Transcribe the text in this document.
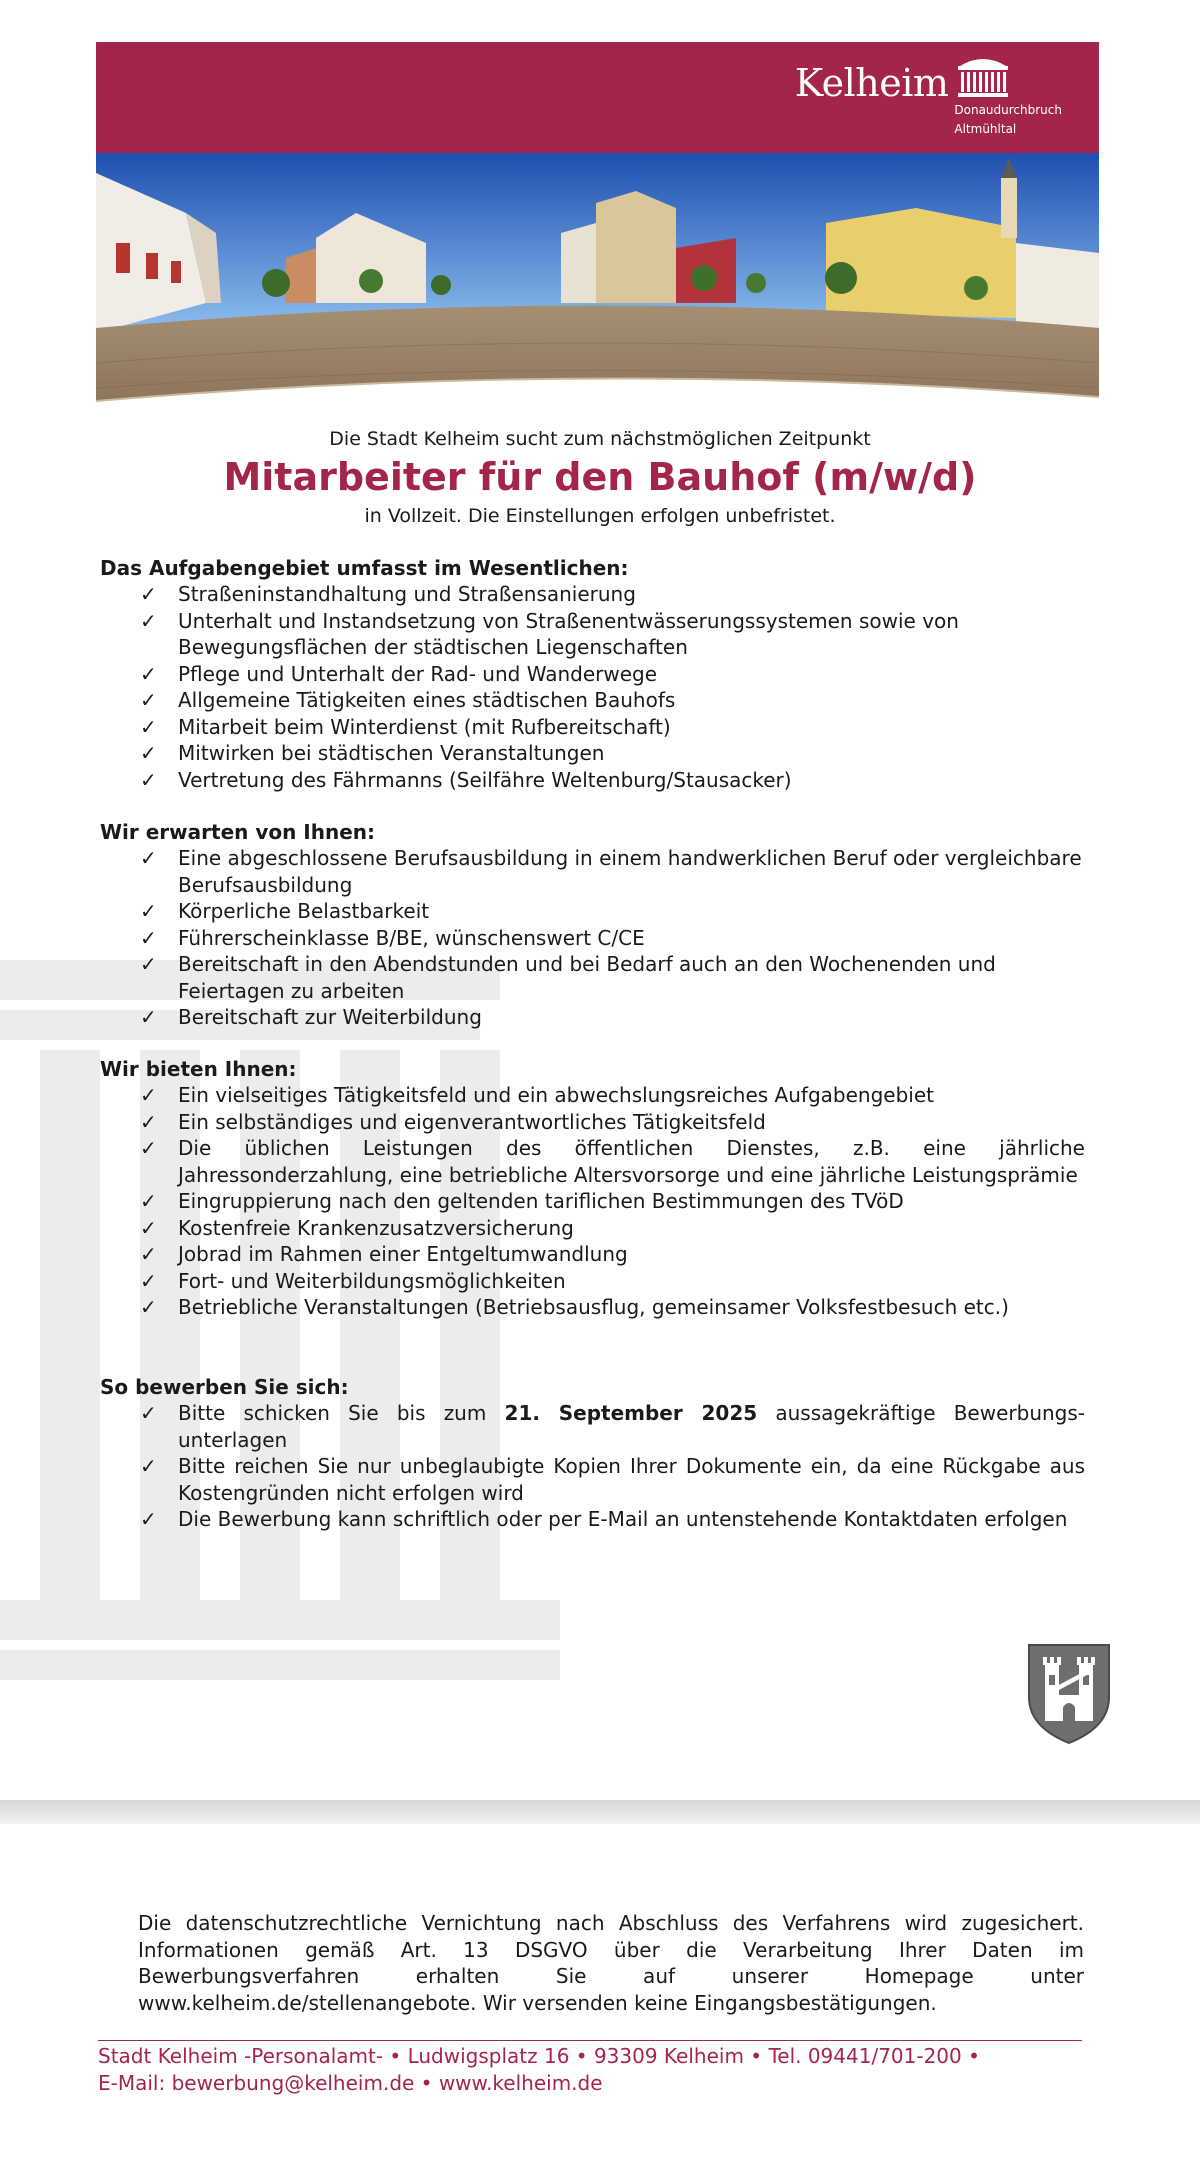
Kelheim
Donaudurchbruch
Altmühltal
Die Stadt Kelheim sucht zum nächstmöglichen Zeitpunkt
Mitarbeiter für den Bauhof (m/w/d)
in Vollzeit. Die Einstellungen erfolgen unbefristet.
Das Aufgabengebiet umfasst im Wesentlichen:
✓ Straßeninstandhaltung und Straßensanierung
✓ Unterhalt und Instandsetzung von Straßenentwässerungssystemen sowie von Bewegungsflächen der städtischen Liegenschaften
✓ Pflege und Unterhalt der Rad- und Wanderwege
✓ Allgemeine Tätigkeiten eines städtischen Bauhofs
✓ Mitarbeit beim Winterdienst (mit Rufbereitschaft)
✓ Mitwirken bei städtischen Veranstaltungen
✓ Vertretung des Fährmanns (Seilfähre Weltenburg/Stausacker)
Wir erwarten von Ihnen:
✓ Eine abgeschlossene Berufsausbildung in einem handwerklichen Beruf oder vergleichbare Berufsausbildung
✓ Körperliche Belastbarkeit
✓ Führerscheinklasse B/BE, wünschenswert C/CE
✓ Bereitschaft in den Abendstunden und bei Bedarf auch an den Wochenenden und Feiertagen zu arbeiten
✓ Bereitschaft zur Weiterbildung
Wir bieten Ihnen:
✓ Ein vielseitiges Tätigkeitsfeld und ein abwechslungsreiches Aufgabengebiet
✓ Ein selbständiges und eigenverantwortliches Tätigkeitsfeld
✓ Die üblichen Leistungen des öffentlichen Dienstes, z.B. eine jährliche Jahressonderzahlung, eine betriebliche Altersvorsorge und eine jährliche Leistungsprämie
✓ Eingruppierung nach den geltenden tariflichen Bestimmungen des TVöD
✓ Kostenfreie Krankenzusatzversicherung
✓ Jobrad im Rahmen einer Entgeltumwandlung
✓ Fort- und Weiterbildungsmöglichkeiten
✓ Betriebliche Veranstaltungen (Betriebsausflug, gemeinsamer Volksfestbesuch etc.)
So bewerben Sie sich:
✓ Bitte schicken Sie bis zum 21. September 2025 aussagekräftige Bewerbungs-unterlagen
✓ Bitte reichen Sie nur unbeglaubigte Kopien Ihrer Dokumente ein, da eine Rückgabe aus Kostengründen nicht erfolgen wird
✓ Die Bewerbung kann schriftlich oder per E-Mail an untenstehende Kontaktdaten erfolgen
Die datenschutzrechtliche Vernichtung nach Abschluss des Verfahrens wird zugesichert. Informationen gemäß Art. 13 DSGVO über die Verarbeitung Ihrer Daten im Bewerbungsverfahren erhalten Sie auf unserer Homepage unter www.kelheim.de/stellenangebote. Wir versenden keine Eingangsbestätigungen.
Stadt Kelheim -Personalamt- • Ludwigsplatz 16 • 93309 Kelheim • Tel. 09441/701-200 •
E-Mail: bewerbung@kelheim.de • www.kelheim.de
